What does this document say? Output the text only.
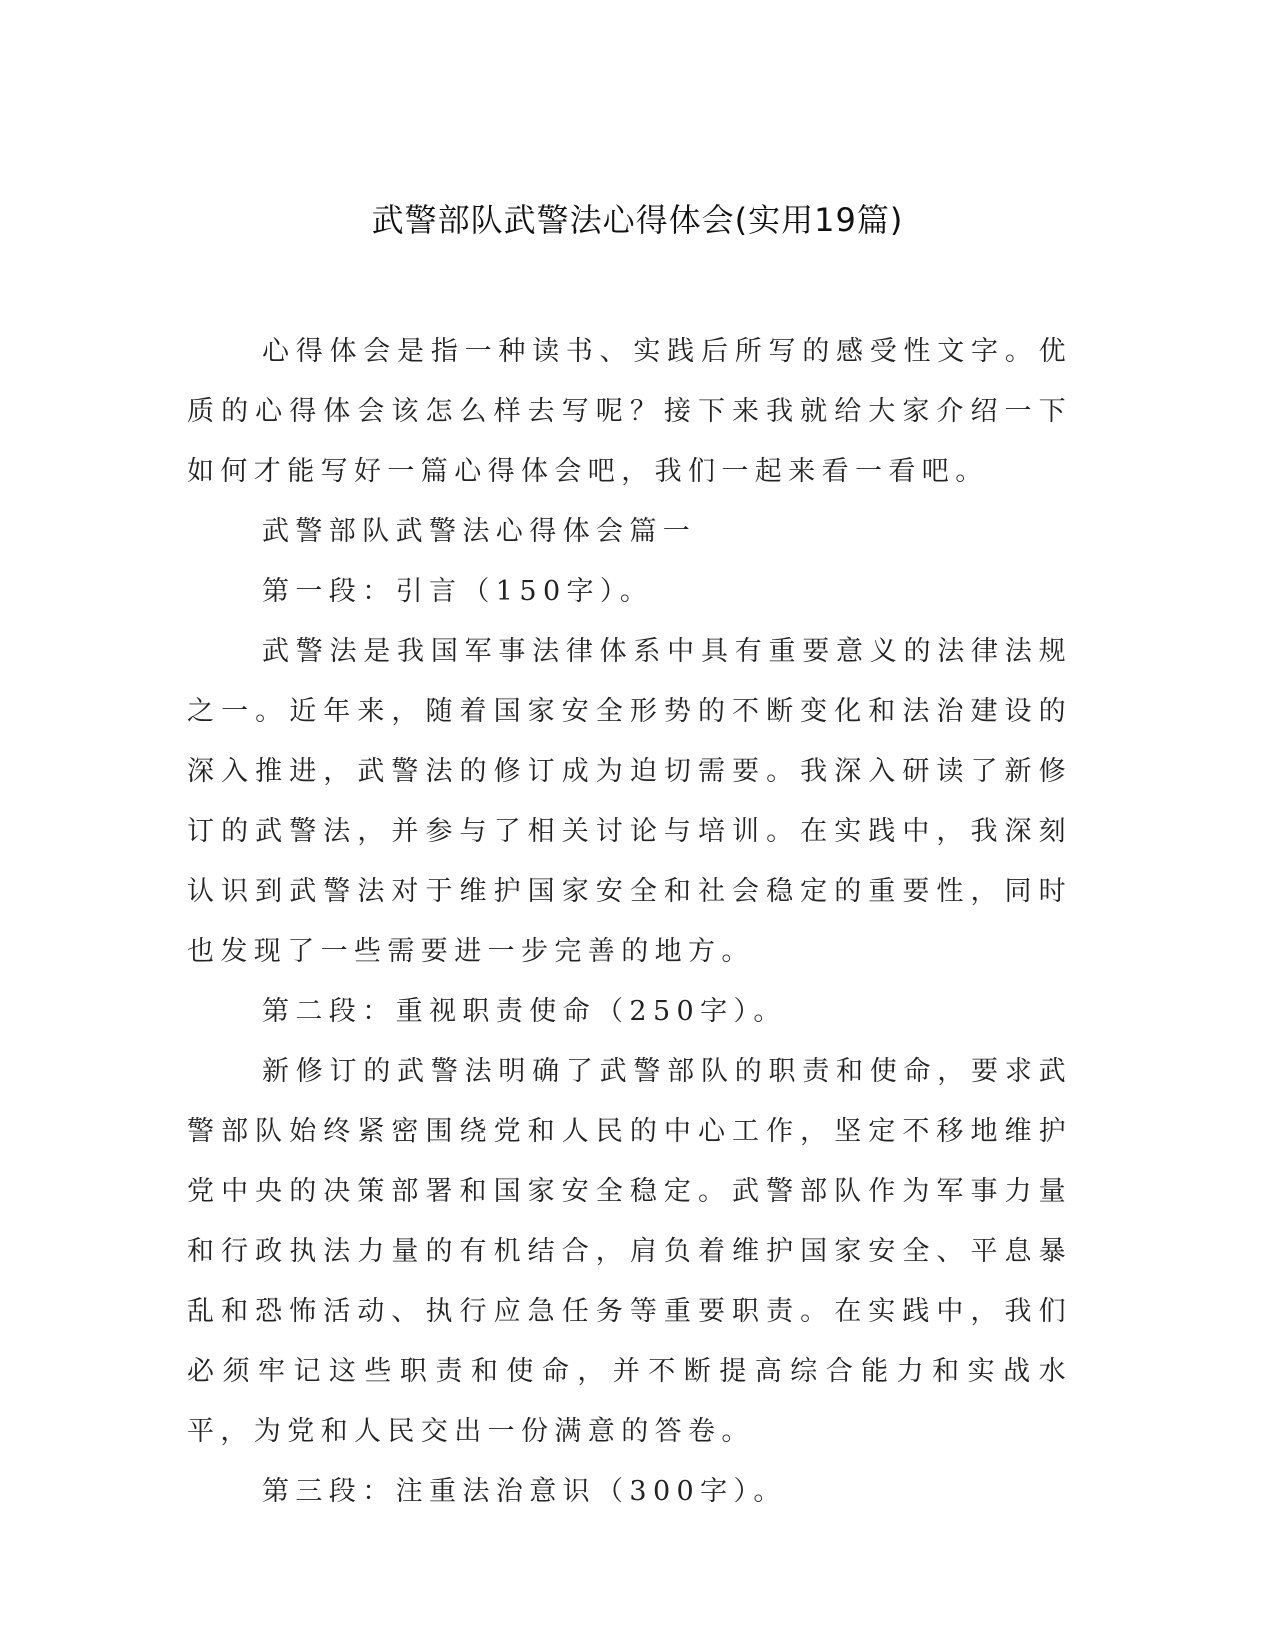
武警部队武警法心得体会(实用19篇)

心得体会是指一种读书、实践后所写的感受性文字。优质的心得体会该怎么样去写呢？接下来我就给大家介绍一下如何才能写好一篇心得体会吧，我们一起来看一看吧。

武警部队武警法心得体会篇一

第一段：引言（150字）。

武警法是我国军事法律体系中具有重要意义的法律法规之一。近年来，随着国家安全形势的不断变化和法治建设的深入推进，武警法的修订成为迫切需要。我深入研读了新修订的武警法，并参与了相关讨论与培训。在实践中，我深刻认识到武警法对于维护国家安全和社会稳定的重要性，同时也发现了一些需要进一步完善的地方。

第二段：重视职责使命（250字）。

新修订的武警法明确了武警部队的职责和使命，要求武警部队始终紧密围绕党和人民的中心工作，坚定不移地维护党中央的决策部署和国家安全稳定。武警部队作为军事力量和行政执法力量的有机结合，肩负着维护国家安全、平息暴乱和恐怖活动、执行应急任务等重要职责。在实践中，我们必须牢记这些职责和使命，并不断提高综合能力和实战水平，为党和人民交出一份满意的答卷。

第三段：注重法治意识（300字）。
